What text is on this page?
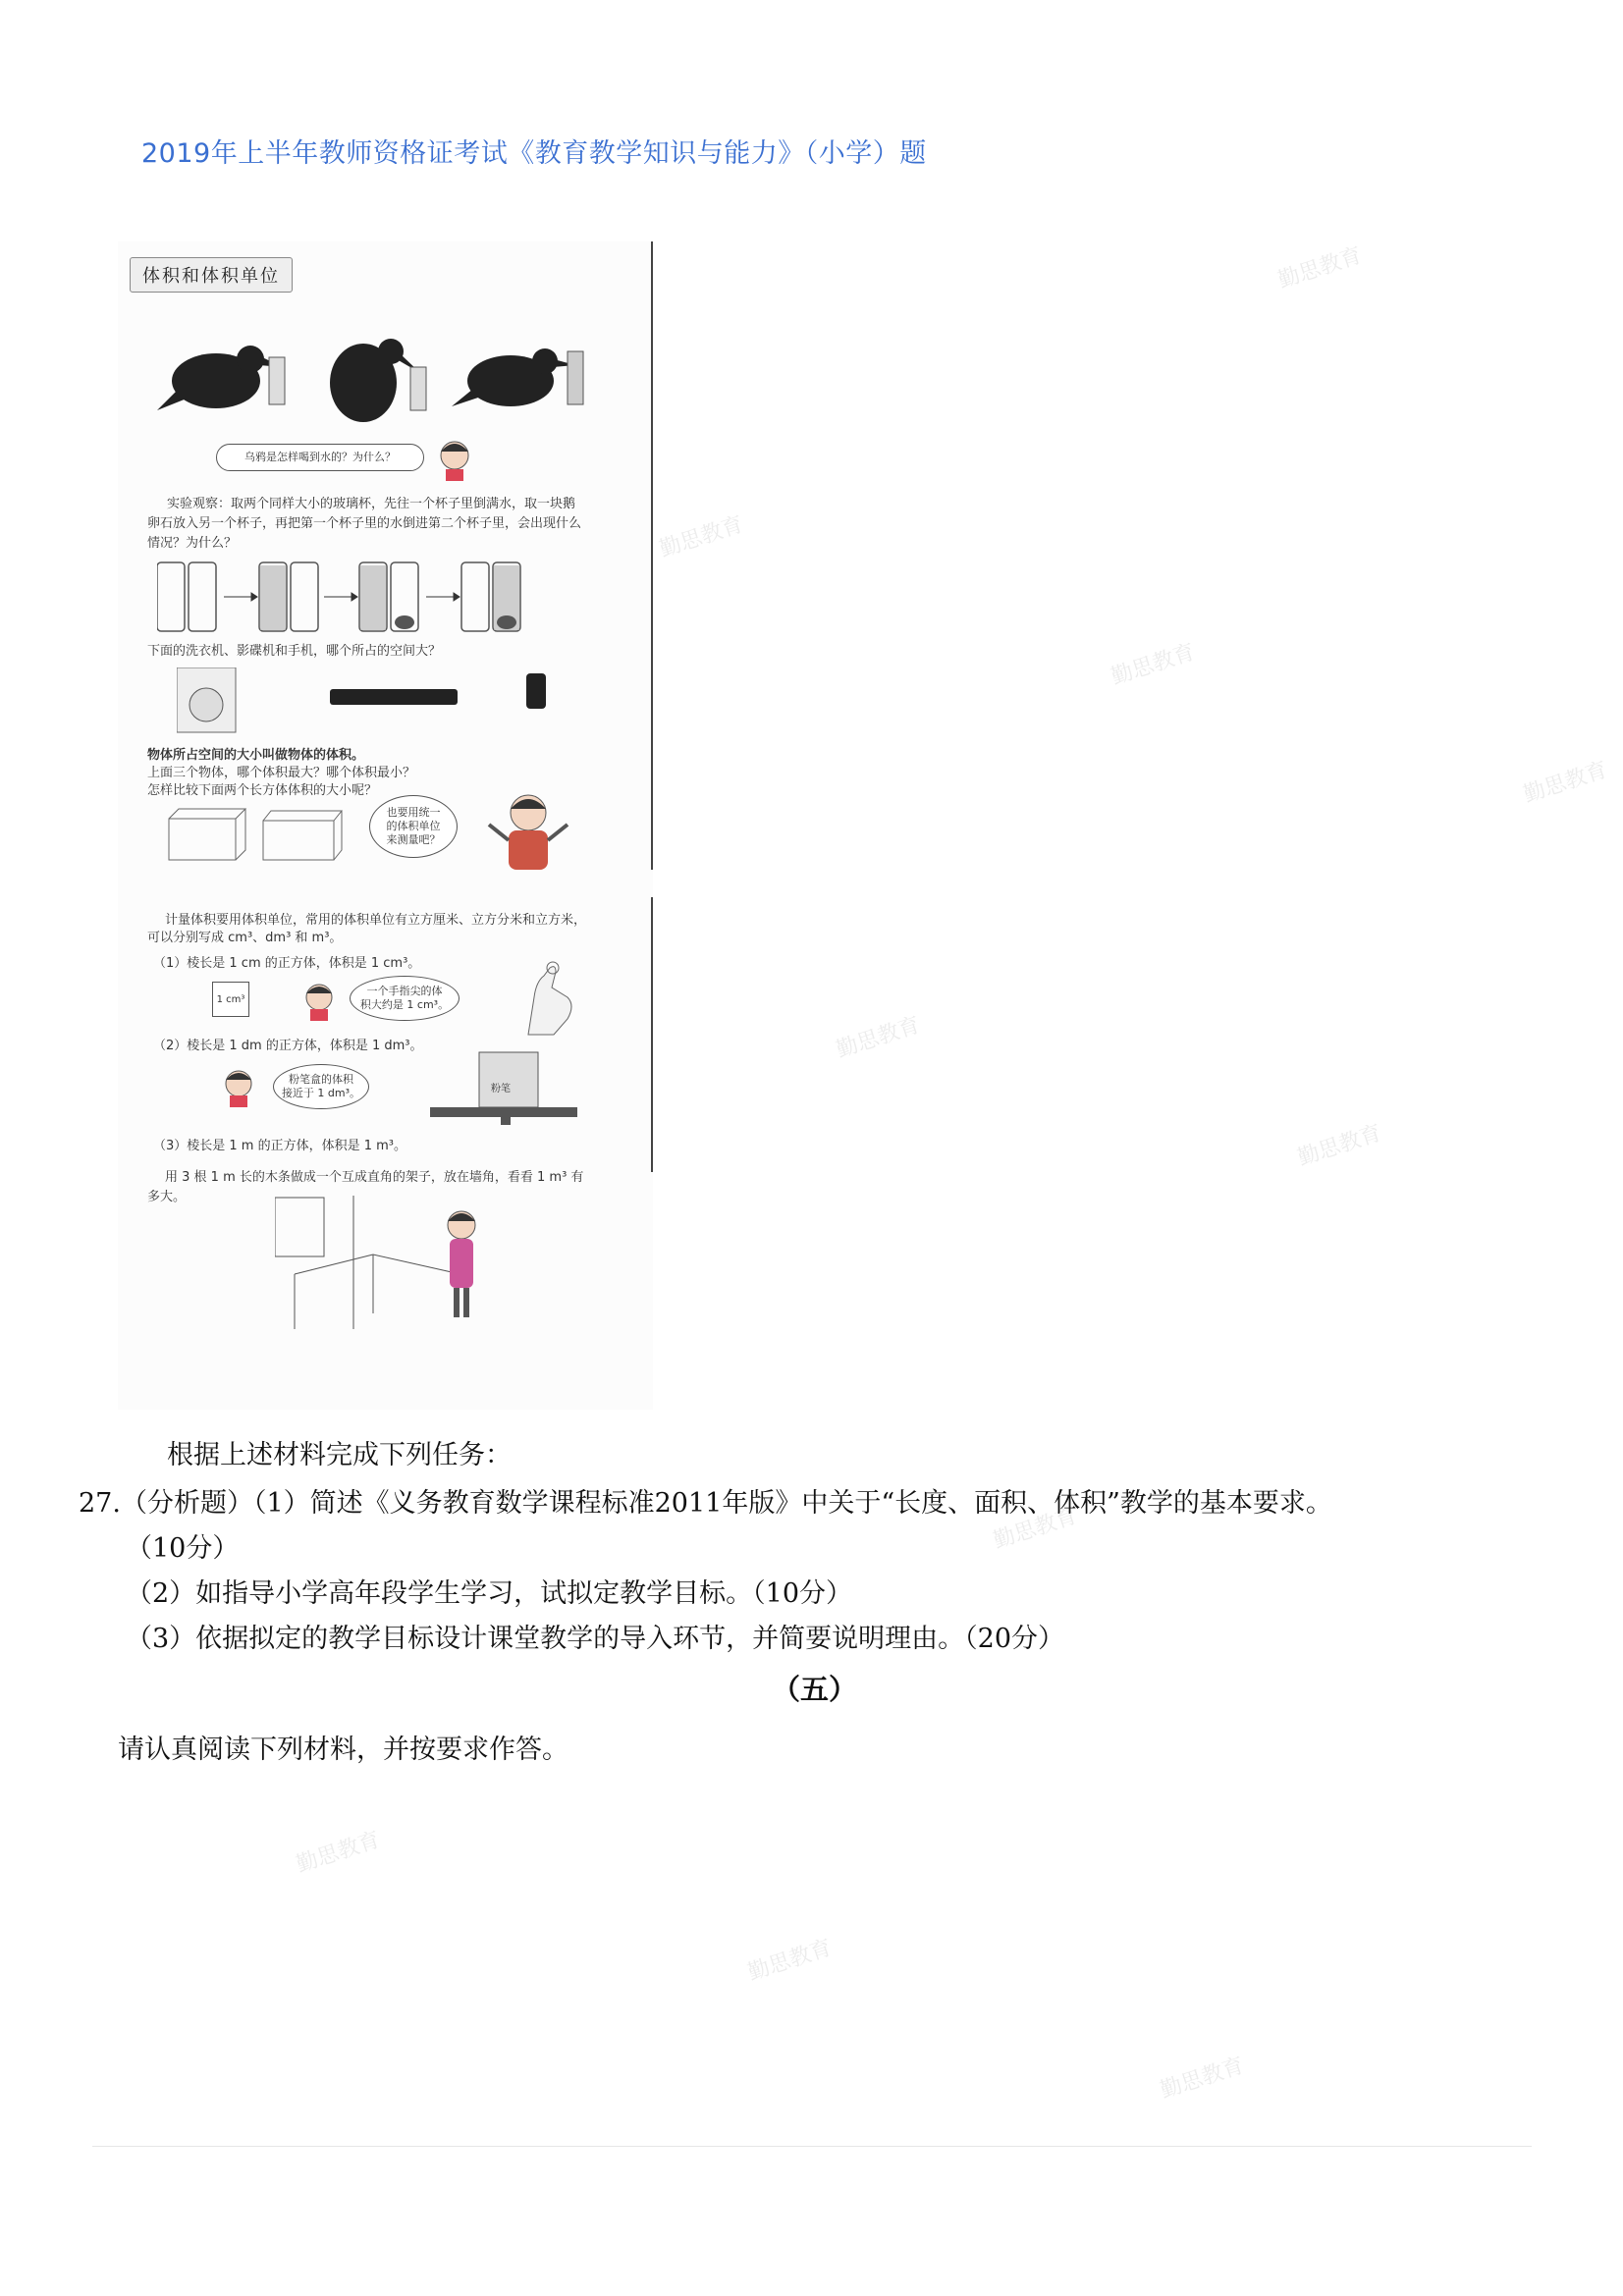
勤思教育
勤思教育
勤思教育
勤思教育
勤思教育
勤思教育
勤思教育
勤思教育
勤思教育
勤思教育
2019年上半年教师资格证考试《教育教学知识与能力》（小学）题
体积和体积单位
乌鸦是怎样喝到水的？为什么？
实验观察：取两个同样大小的玻璃杯，先往一个杯子里倒满水，取一块鹅
卵石放入另一个杯子，再把第一个杯子里的水倒进第二个杯子里，会出现什么
情况？为什么？
下面的洗衣机、影碟机和手机，哪个所占的空间大？
物体所占空间的大小叫做物体的体积。
上面三个物体，哪个体积最大？哪个体积最小？
怎样比较下面两个长方体体积的大小呢？
也要用统一
的体积单位
来测量吧？
计量体积要用体积单位，常用的体积单位有立方厘米、立方分米和立方米，
可以分别写成 cm³、dm³ 和 m³。
（1）棱长是 1 cm 的正方体，体积是 1 cm³。
1 cm³
一个手指尖的体
积大约是 1 cm³。
（2）棱长是 1 dm 的正方体，体积是 1 dm³。
粉笔盒的体积
接近于 1 dm³。	粉笔
（3）棱长是 1 m 的正方体，体积是 1 m³。
用 3 根 1 m 长的木条做成一个互成直角的架子，放在墙角，看看 1 m³ 有
多大。
根据上述材料完成下列任务：
27.（分析题）（1）简述《义务教育数学课程标准2011年版》中关于“长度、面积、体积”教学的基本要求。
（10分）
（2）如指导小学高年段学生学习，试拟定教学目标。（10分）
（3）依据拟定的教学目标设计课堂教学的导入环节，并简要说明理由。（20分）
（五）
请认真阅读下列材料，并按要求作答。
